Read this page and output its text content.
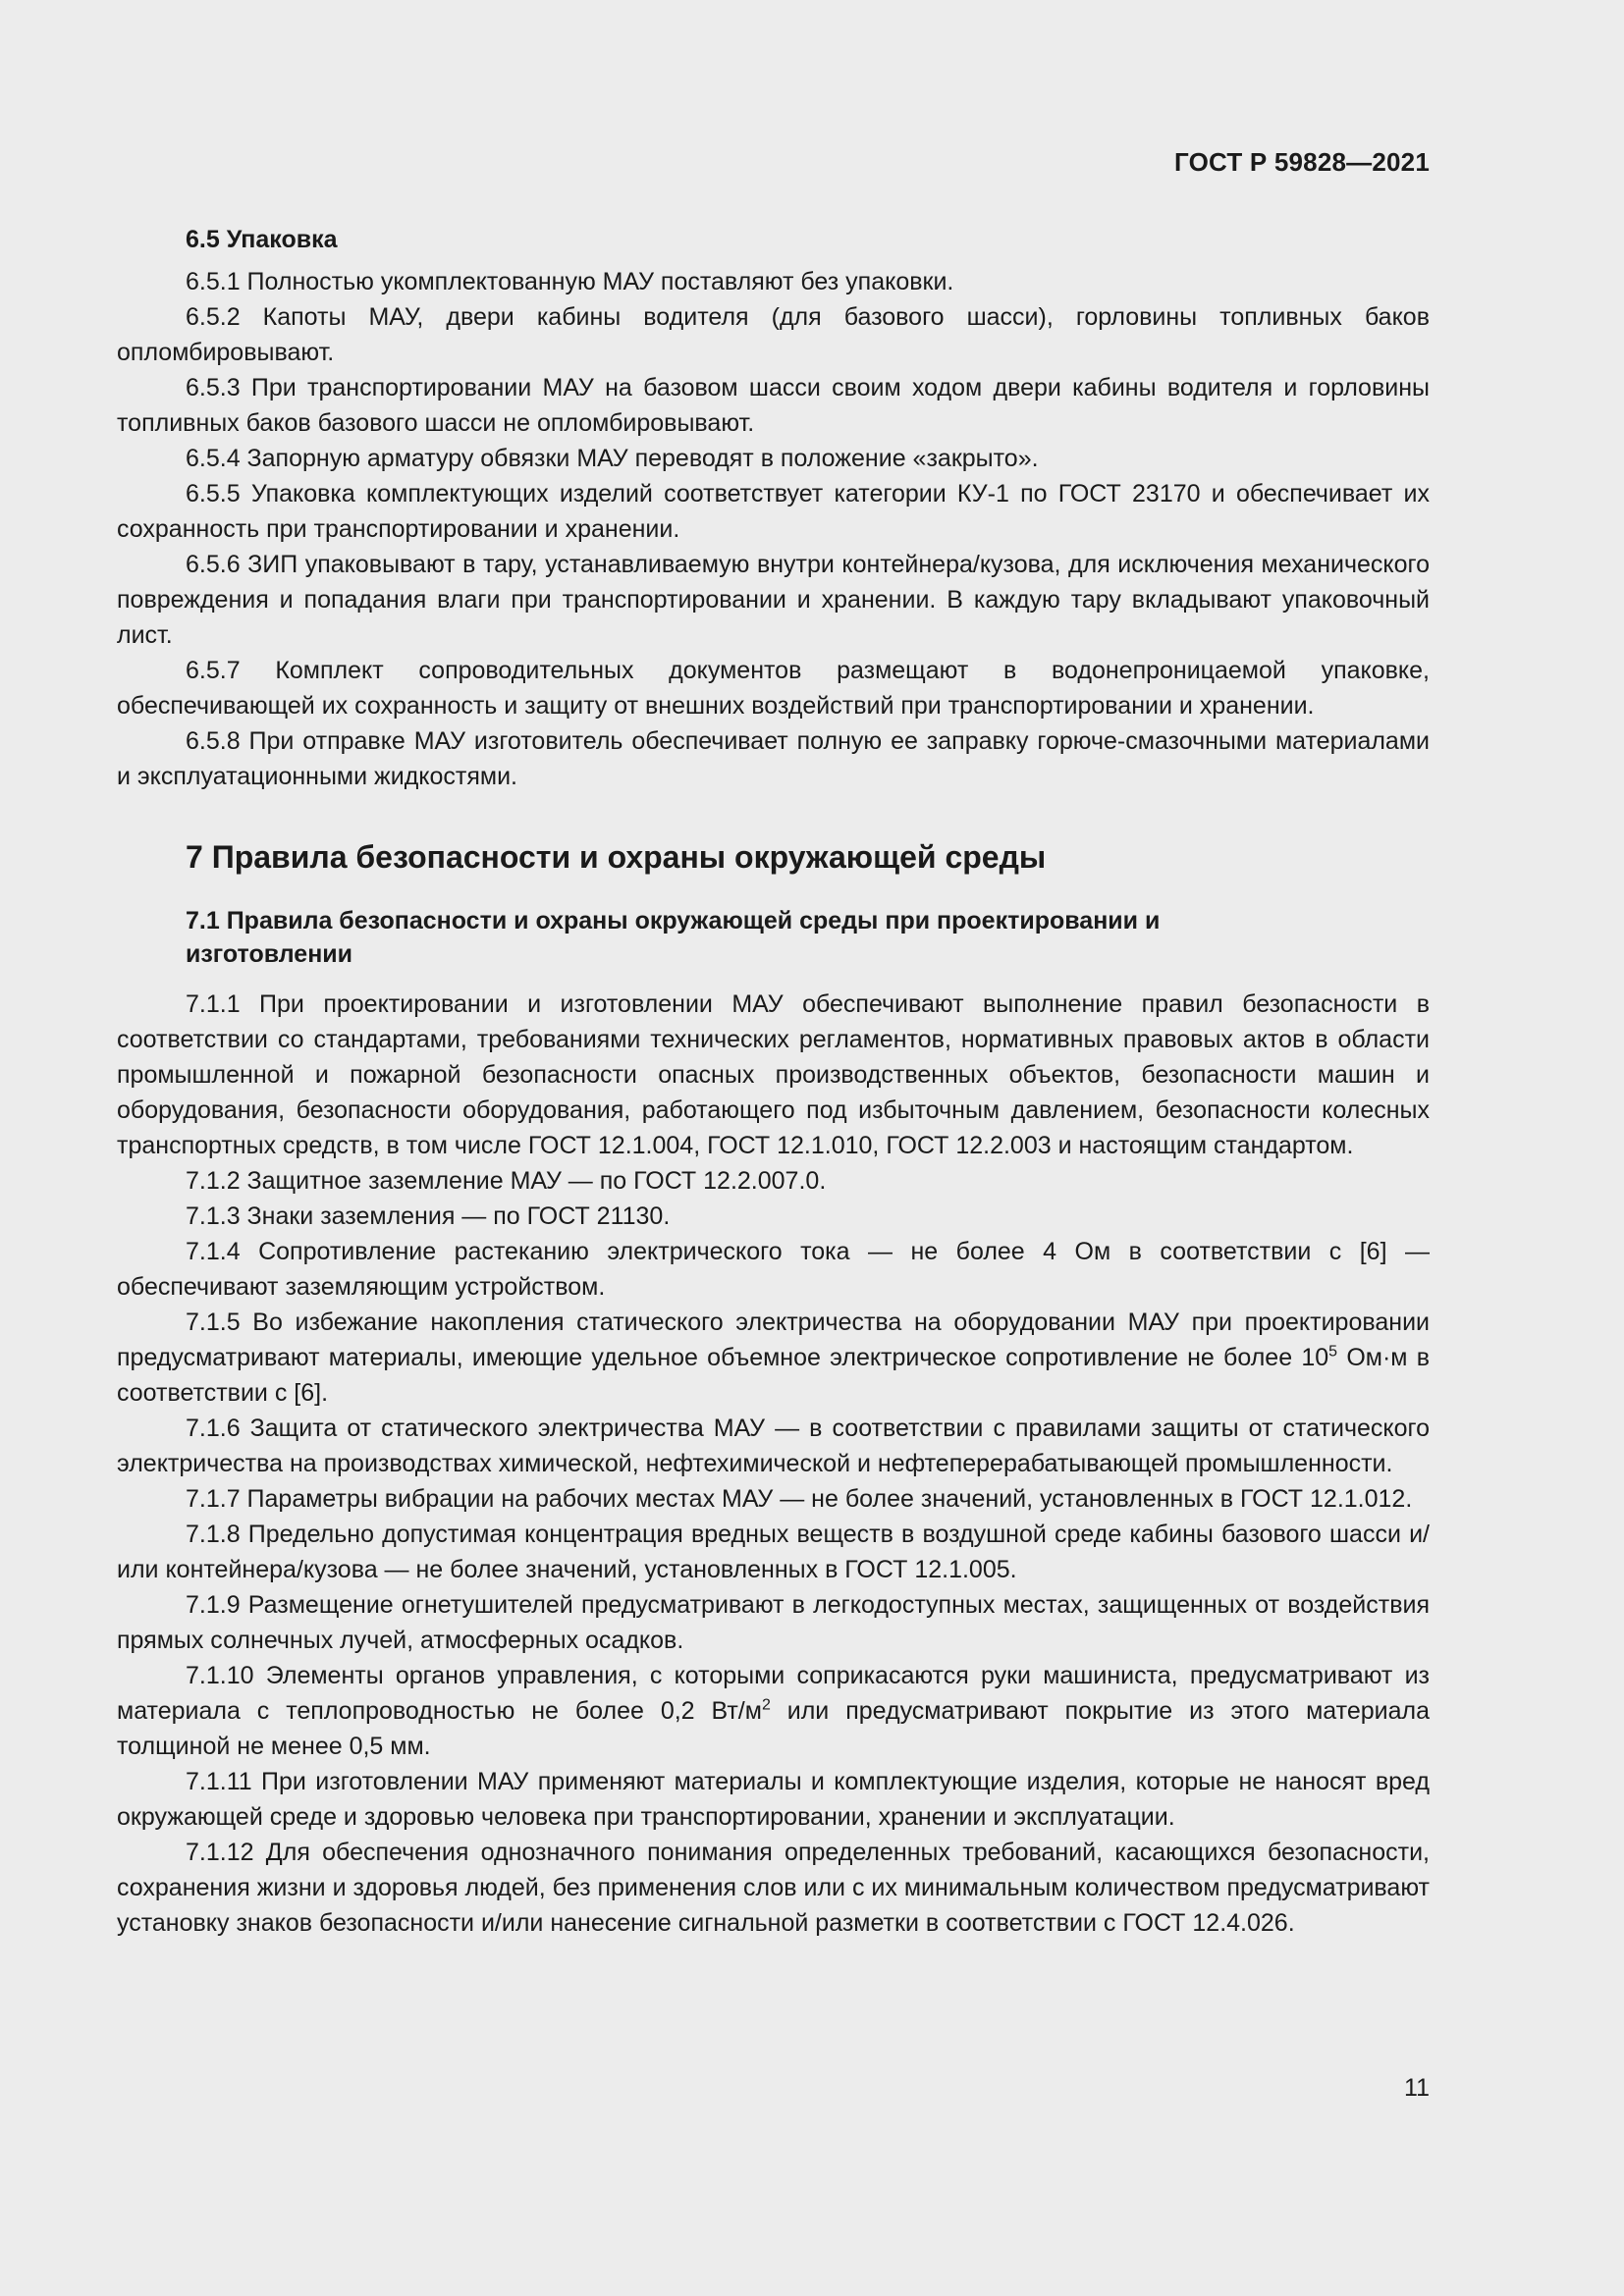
ГОСТ Р 59828—2021
6.5 Упаковка

6.5.1 Полностью укомплектованную МАУ поставляют без упаковки.

6.5.2 Капоты МАУ, двери кабины водителя (для базового шасси), горловины топливных баков опломбировывают.

6.5.3 При транспортировании МАУ на базовом шасси своим ходом двери кабины водителя и горловины топливных баков базового шасси не опломбировывают.

6.5.4 Запорную арматуру обвязки МАУ переводят в положение «закрыто».

6.5.5 Упаковка комплектующих изделий соответствует категории КУ-1 по ГОСТ 23170 и обеспечивает их сохранность при транспортировании и хранении.

6.5.6 ЗИП упаковывают в тару, устанавливаемую внутри контейнера/кузова, для исключения механического повреждения и попадания влаги при транспортировании и хранении. В каждую тару вкладывают упаковочный лист.

6.5.7 Комплект сопроводительных документов размещают в водонепроницаемой упаковке, обеспечивающей их сохранность и защиту от внешних воздействий при транспортировании и хранении.

6.5.8 При отправке МАУ изготовитель обеспечивает полную ее заправку горюче-смазочными материалами и эксплуатационными жидкостями.

7 Правила безопасности и охраны окружающей среды
7.1 Правила безопасности и охраны окружающей среды при проектировании и изготовлении

7.1.1 При проектировании и изготовлении МАУ обеспечивают выполнение правил безопасности в соответствии со стандартами, требованиями технических регламентов, нормативных правовых актов в области промышленной и пожарной безопасности опасных производственных объектов, безопасности машин и оборудования, безопасности оборудования, работающего под избыточным давлением, безопасности колесных транспортных средств, в том числе ГОСТ 12.1.004, ГОСТ 12.1.010, ГОСТ 12.2.003 и настоящим стандартом.

7.1.2 Защитное заземление МАУ — по ГОСТ 12.2.007.0.

7.1.3 Знаки заземления — по ГОСТ 21130.

7.1.4 Сопротивление растеканию электрического тока — не более 4 Ом в соответствии с [6] — обеспечивают заземляющим устройством.

7.1.5 Во избежание накопления статического электричества на оборудовании МАУ при проектировании предусматривают материалы, имеющие удельное объемное электрическое сопротивление не более $10^5$ Ом·м в соответствии с [6].

7.1.6 Защита от статического электричества МАУ — в соответствии с правилами защиты от статического электричества на производствах химической, нефтехимической и нефтеперерабатывающей промышленности.

7.1.7 Параметры вибрации на рабочих местах МАУ — не более значений, установленных в ГОСТ 12.1.012.

7.1.8 Предельно допустимая концентрация вредных веществ в воздушной среде кабины базового шасси и/или контейнера/кузова — не более значений, установленных в ГОСТ 12.1.005.

7.1.9 Размещение огнетушителей предусматривают в легкодоступных местах, защищенных от воздействия прямых солнечных лучей, атмосферных осадков.

7.1.10 Элементы органов управления, с которыми соприкасаются руки машиниста, предусматривают из материала с теплопроводностью не более 0,2 $Вт/м^2$ или предусматривают покрытие из этого материала толщиной не менее 0,5 мм.

7.1.11 При изготовлении МАУ применяют материалы и комплектующие изделия, которые не наносят вред окружающей среде и здоровью человека при транспортировании, хранении и эксплуатации.

7.1.12 Для обеспечения однозначного понимания определенных требований, касающихся безопасности, сохранения жизни и здоровья людей, без применения слов или с их минимальным количеством предусматривают установку знаков безопасности и/или нанесение сигнальной разметки в соответствии с ГОСТ 12.4.026.

11
